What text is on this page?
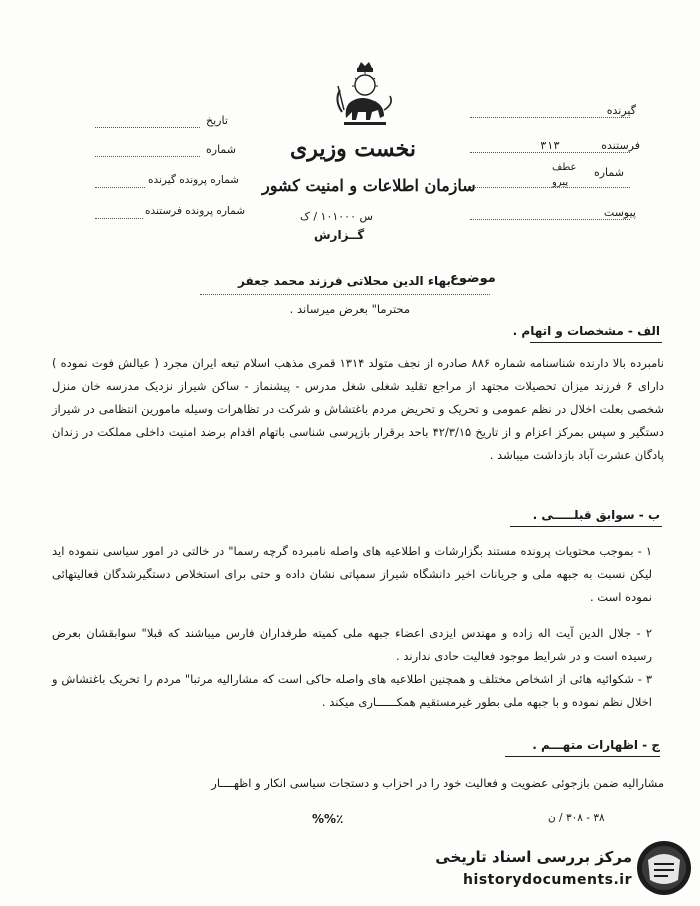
گیرنده
فرستنده
۳۱۳
شماره
عطف
پیرو
پیوست
تاریخ
شماره
شماره پرونده گیرنده
شماره پرونده فرستنده
نخست وزیری
سازمان اطلاعات و امنیت کشور
س ۱۰۱۰۰۰ / ک
گــزارش
موضوع
بهاء الدین محلاتی فرزند محمد جعفر
محترما" بعرض میرساند .
الف - مشخصات و اتهام .
نامبرده بالا دارنده شناسنامه شماره ۸۸۶ صادره از نجف متولد ۱۳۱۴ قمری مذهب اسلام تبعه ایران مجرد ( عیالش فوت نموده ) دارای ۶ فرزند میزان تحصیلات مجتهد از مراجع تقلید شغلی شغل مدرس - پیشنماز - ساکن شیراز نزدیک مدرسه خان منزل شخصی بعلت اخلال در نظم عمومی و تحریک و تحریض مردم باغتشاش و شرکت در تظاهرات وسیله مامورین انتظامی در شیراز دستگیر و سپس بمرکز اعزام و از تاریخ ۴۲/۳/۱۵ باحد برقرار بازپرسی شناسی باتهام اقدام برضد امنیت داخلی مملکت در زندان پادگان عشرت آباد بازداشت میباشد .
ب - سوابق قبلـــــی .
۱ - بموجب محتویات پرونده مستند بگزارشات و اطلاعیه های واصله نامبرده گرچه رسما" در خالتی در امور سیاسی ننموده اید لیکن نسبت به جبهه ملی و جریانات اخیر دانشگاه شیراز سمپاتی نشان داده و حتی برای استخلاص دستگیرشدگان فعالیتهائی نموده است .
۲ - جلال الدین آیت اله زاده و مهندس ایزدی اعضاء جبهه ملی کمیته طرفداران فارس میباشند که قبلا" سوابقشان بعرض رسیده است و در شرایط موجود فعالیت حادی ندارند .
۳ - شکوائیه هائی از اشخاص مختلف و همچنین اطلاعیه های واصله حاکی است که مشارالیه مرتبا" مردم را تحریک باغتشاش و اخلال نظم نموده و با جبهه ملی بطور غیرمستقیم همکــــــاری میکند .
ج - اظهارات متهـــم .
مشارالیه ضمن بازجوئی عضویت و فعالیت خود را در احزاب و دستجات سیاسی انکار و اظهــــار
%%٪	۳۸ - ۳۰۸ / ن
مرکز بررسی اسناد تاریخی
historydocuments.ir
